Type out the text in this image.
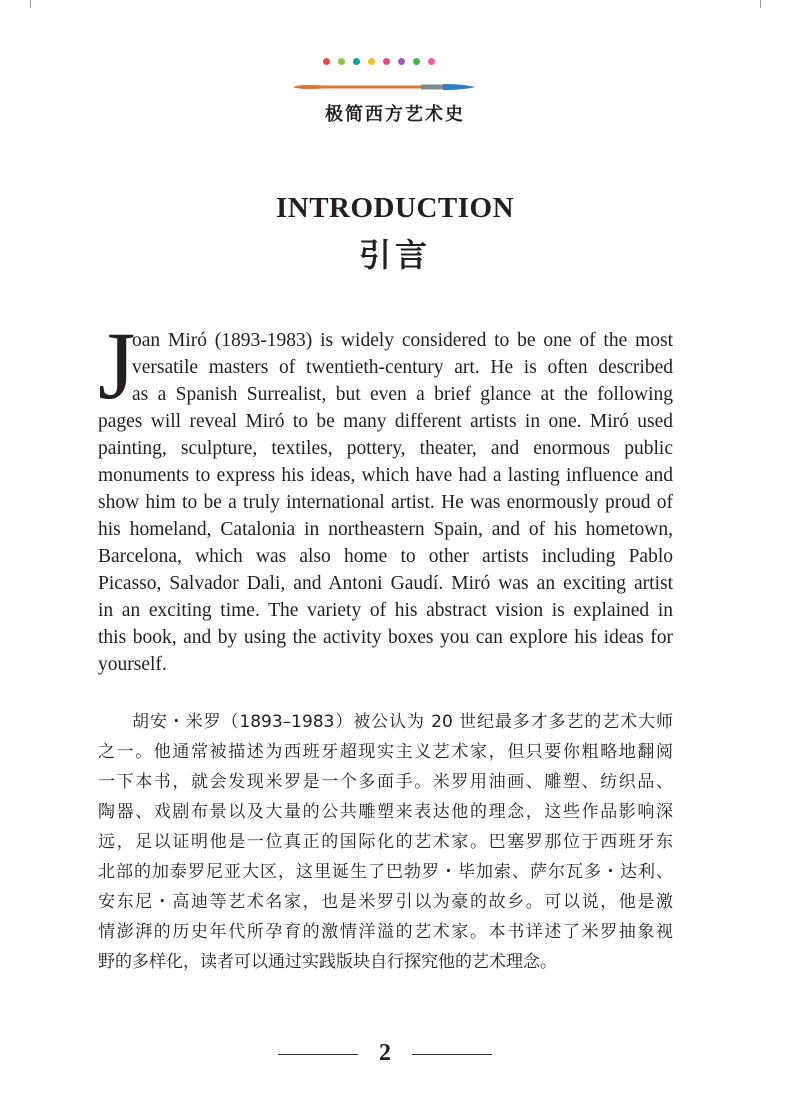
极简西方艺术史
INTRODUCTION
引言
J
oan Miró (1893-1983) is widely considered to be one of the most
versatile masters of twentieth-century art. He is often described
as a Spanish Surrealist, but even a brief glance at the following
pages will reveal Miró to be many different artists in one. Miró used
painting, sculpture, textiles, pottery, theater, and enormous public
monuments to express his ideas, which have had a lasting influence and
show him to be a truly international artist. He was enormously proud of
his homeland, Catalonia in northeastern Spain, and of his hometown,
Barcelona, which was also home to other artists including Pablo
Picasso, Salvador Dali, and Antoni Gaudí. Miró was an exciting artist
in an exciting time. The variety of his abstract vision is explained in
this book, and by using the activity boxes you can explore his ideas for
yourself.
胡安・米罗（1893–1983）被公认为 20 世纪最多才多艺的艺术大师
之一。他通常被描述为西班牙超现实主义艺术家，但只要你粗略地翻阅
一下本书，就会发现米罗是一个多面手。米罗用油画、雕塑、纺织品、
陶器、戏剧布景以及大量的公共雕塑来表达他的理念，这些作品影响深
远，足以证明他是一位真正的国际化的艺术家。巴塞罗那位于西班牙东
北部的加泰罗尼亚大区，这里诞生了巴勃罗・毕加索、萨尔瓦多・达利、
安东尼・高迪等艺术名家，也是米罗引以为豪的故乡。可以说，他是激
情澎湃的历史年代所孕育的激情洋溢的艺术家。本书详述了米罗抽象视
野的多样化，读者可以通过实践版块自行探究他的艺术理念。
2
